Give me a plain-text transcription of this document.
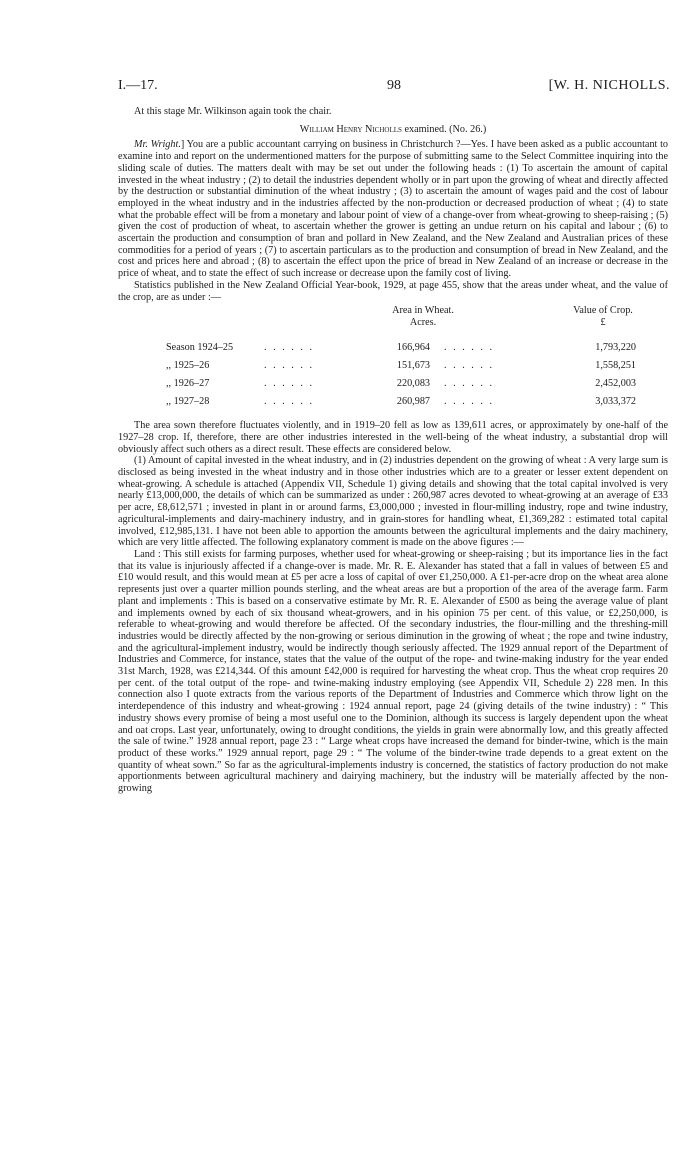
I.—17.	98	[W. H. NICHOLLS.

At this stage Mr. Wilkinson again took the chair.

William Henry Nicholls examined. (No. 26.)

Mr. Wright.] You are a public accountant carrying on business in Christchurch ?—Yes. I have been asked as a public accountant to examine into and report on the undermentioned matters for the purpose of submitting same to the Select Committee inquiring into the sliding scale of duties. The matters dealt with may be set out under the following heads : (1) To ascertain the amount of capital invested in the wheat industry ; (2) to detail the industries dependent wholly or in part upon the growing of wheat and directly affected by the destruction or substantial diminution of the wheat industry ; (3) to ascertain the amount of wages paid and the cost of labour employed in the wheat industry and in the industries affected by the non-production or decreased production of wheat ; (4) to state what the probable effect will be from a monetary and labour point of view of a change-over from wheat-growing to sheep-raising ; (5) given the cost of production of wheat, to ascertain whether the grower is getting an undue return on his capital and labour ; (6) to ascertain the production and consumption of bran and pollard in New Zealand, and the New Zealand and Australian prices of these commodities for a period of years ; (7) to ascertain particulars as to the production and consumption of bread in New Zealand, and the cost and prices here and abroad ; (8) to ascertain the effect upon the price of bread in New Zealand of an increase or decrease in the price of wheat, and to state the effect of such increase or decrease upon the family cost of living.

Statistics published in the New Zealand Official Year-book, 1929, at page 455, show that the areas under wheat, and the value of the crop, are as under :—

Area in Wheat.
Acres.
Value of Crop.
£
Season 1924–25	. . . . . .	166,964 . . . . . .	1,793,220
,, 1925–26	. . . . . .	151,673 . . . . . .	1,558,251
,, 1926–27	. . . . . .	220,083 . . . . . .	2,452,003
,, 1927–28	. . . . . .	260,987 . . . . . .	3,033,372

The area sown therefore fluctuates violently, and in 1919–20 fell as low as 139,611 acres, or approximately by one-half of the 1927–28 crop. If, therefore, there are other industries interested in the well-being of the wheat industry, a substantial drop will obviously affect such others as a direct result. These effects are considered below.

(1) Amount of capital invested in the wheat industry, and in (2) industries dependent on the growing of wheat : A very large sum is disclosed as being invested in the wheat industry and in those other industries which are to a greater or lesser extent dependent on wheat-growing. A schedule is attached (Appendix VII, Schedule 1) giving details and showing that the total capital involved is very nearly £13,000,000, the details of which can be summarized as under : 260,987 acres devoted to wheat-growing at an average of £33 per acre, £8,612,571 ; invested in plant in or around farms, £3,000,000 ; invested in flour-milling industry, rope and twine industry, agricultural-implements and dairy-machinery industry, and in grain-stores for handling wheat, £1,369,282 : estimated total capital involved, £12,985,131. I have not been able to apportion the amounts between the agricultural implements and the dairy machinery, which are very little affected. The following explanatory comment is made on the above figures :—

Land : This still exists for farming purposes, whether used for wheat-growing or sheep-raising ; but its importance lies in the fact that its value is injuriously affected if a change-over is made. Mr. R. E. Alexander has stated that a fall in values of between £5 and £10 would result, and this would mean at £5 per acre a loss of capital of over £1,250,000. A £1-per-acre drop on the wheat area alone represents just over a quarter million pounds sterling, and the wheat areas are but a proportion of the area of the average farm. Farm plant and implements : This is based on a conservative estimate by Mr. R. E. Alexander of £500 as being the average value of plant and implements owned by each of six thousand wheat-growers, and in his opinion 75 per cent. of this value, or £2,250,000, is referable to wheat-growing and would therefore be affected. Of the secondary industries, the flour-milling and the threshing-mill industries would be directly affected by the non-growing or serious diminution in the growing of wheat ; the rope and twine industry, and the agricultural-implement industry, would be indirectly though seriously affected. The 1929 annual report of the Department of Industries and Commerce, for instance, states that the value of the output of the rope- and twine-making industry for the year ended 31st March, 1928, was £214,344. Of this amount £42,000 is required for harvesting the wheat crop. Thus the wheat crop requires 20 per cent. of the total output of the rope- and twine-making industry employing (see Appendix VII, Schedule 2) 228 men. In this connection also I quote extracts from the various reports of the Department of Industries and Commerce which throw light on the interdependence of this industry and wheat-growing : 1924 annual report, page 24 (giving details of the twine industry) : “ This industry shows every promise of being a most useful one to the Dominion, although its success is largely dependent upon the wheat and oat crops. Last year, unfortunately, owing to drought conditions, the yields in grain were abnormally low, and this greatly affected the sale of twine.” 1928 annual report, page 23 : “ Large wheat crops have increased the demand for binder-twine, which is the main product of these works.” 1929 annual report, page 29 : “ The volume of the binder-twine trade depends to a great extent on the quantity of wheat sown.” So far as the agricultural-implements industry is concerned, the statistics of factory production do not make apportionments between agricultural machinery and dairying machinery, but the industry will be materially affected by the non-growing
